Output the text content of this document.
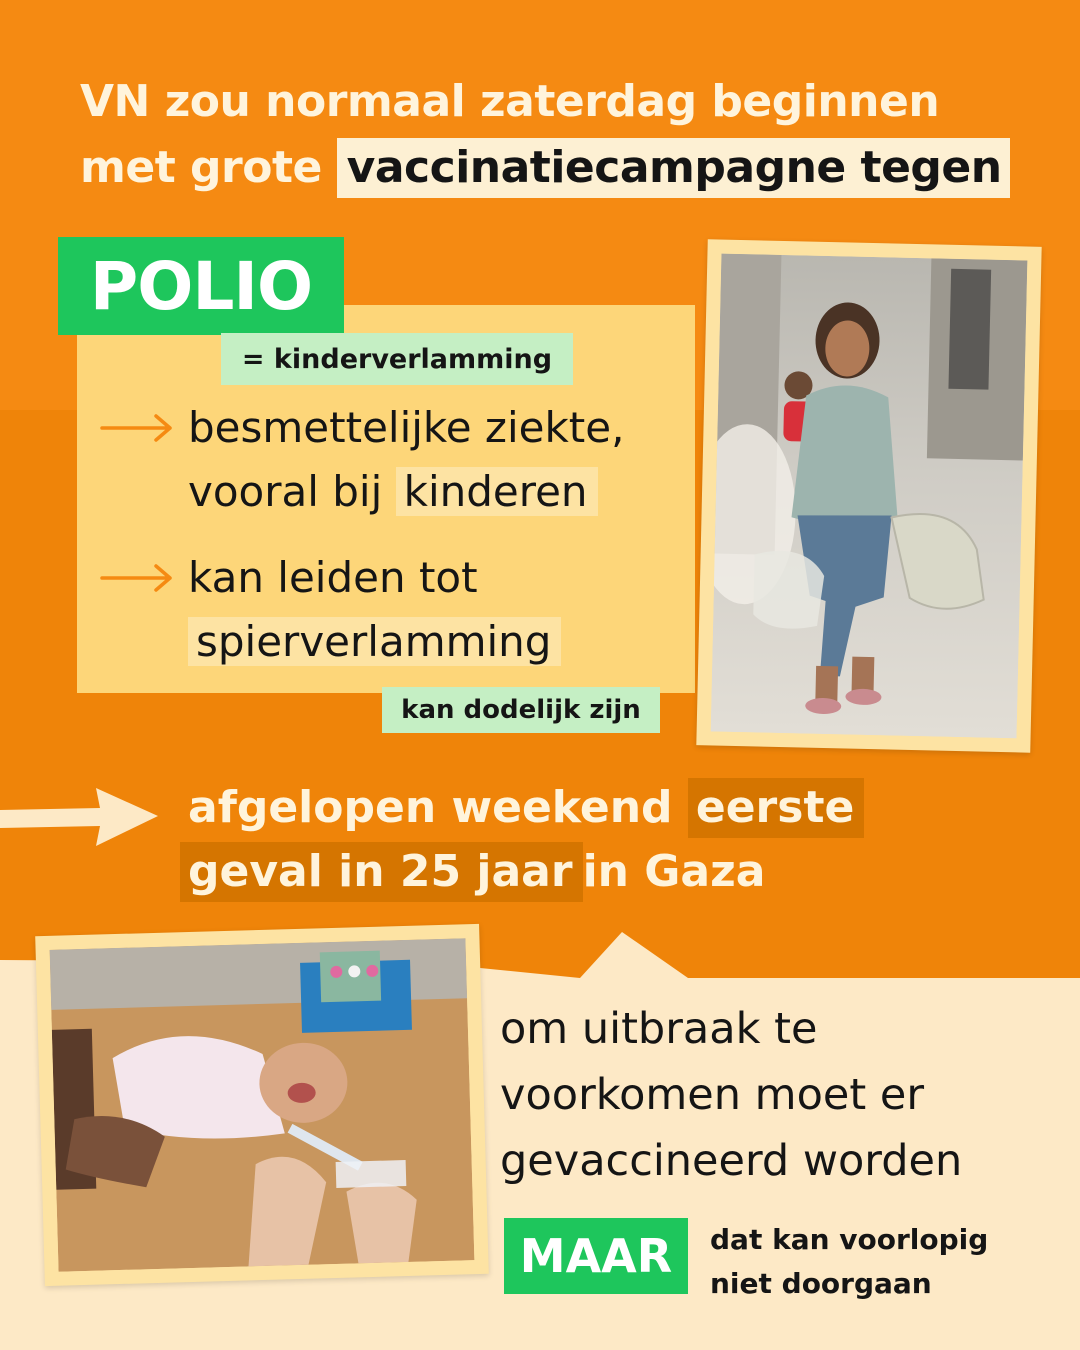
VN zou normaal zaterdag beginnen
met grote vaccinatiecampagne tegen
POLIO
= kinderverlamming

besmettelijke ziekte,
vooral bij kinderen

kan leiden tot
spierverlamming

kan dodelijk zijn

afgelopen weekend eerste
geval in 25 jaar in Gaza

om uitbraak te
voorkomen moet er
gevaccineerd worden

MAAR	dat kan voorlopig
niet doorgaan
